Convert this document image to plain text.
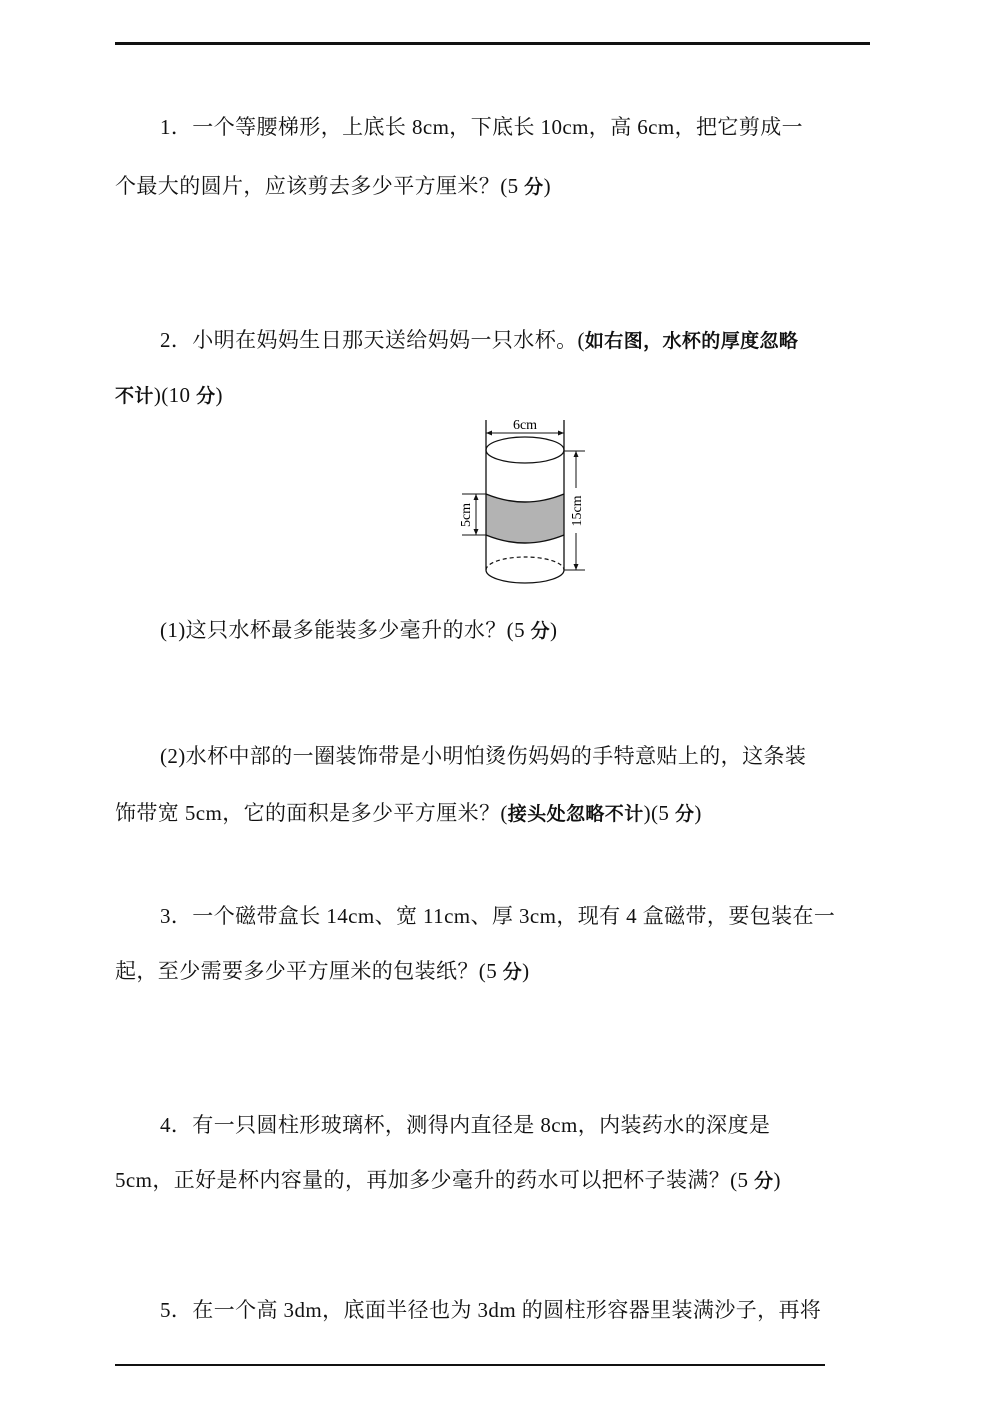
1．一个等腰梯形，上底长 8cm，下底长 10cm，高 6cm，把它剪成一
个最大的圆片，应该剪去多少平方厘米？(5 分)
2．小明在妈妈生日那天送给妈妈一只水杯。(如右图，水杯的厚度忽略
不计)(10 分)
(1)这只水杯最多能装多少毫升的水？(5 分)
(2)水杯中部的一圈装饰带是小明怕烫伤妈妈的手特意贴上的，这条装
饰带宽 5cm，它的面积是多少平方厘米？(接头处忽略不计)(5 分)
3．一个磁带盒长 14cm、宽 11cm、厚 3cm，现有 4 盒磁带，要包装在一
起，至少需要多少平方厘米的包装纸？(5 分)
4．有一只圆柱形玻璃杯，测得内直径是 8cm，内装药水的深度是
5cm，正好是杯内容量的，再加多少毫升的药水可以把杯子装满？(5 分)
5．在一个高 3dm，底面半径也为 3dm 的圆柱形容器里装满沙子，再将
6cm
15cm
5cm
